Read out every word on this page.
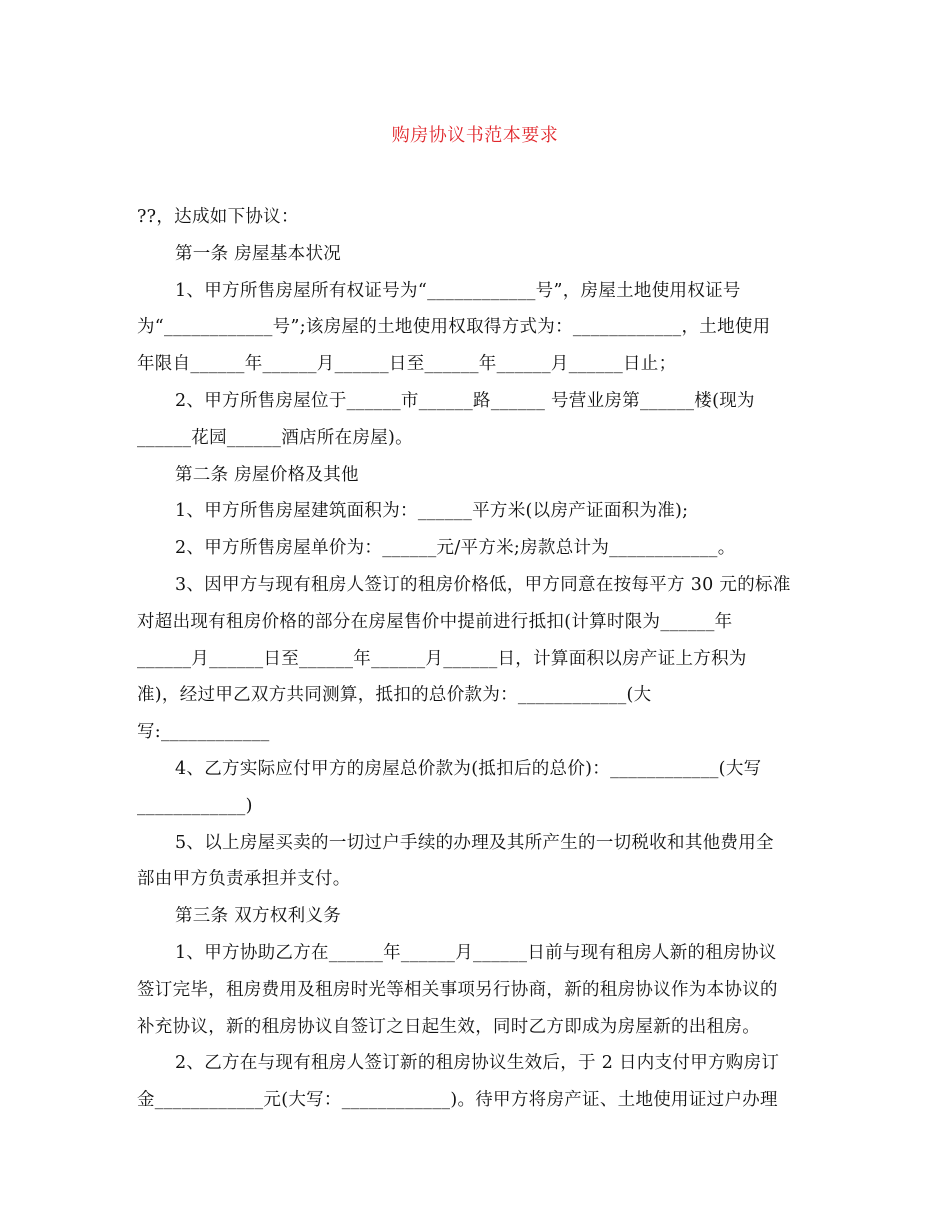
购房协议书范本要求
??，达成如下协议：
第一条 房屋基本状况
1、甲方所售房屋所有权证号为“____________号”，房屋土地使用权证号
为“____________号”;该房屋的土地使用权取得方式为：____________，土地使用
年限自______年______月______日至______年______月______日止；
2、甲方所售房屋位于______市______路______ 号营业房第______楼(现为
______花园______酒店所在房屋)。
第二条 房屋价格及其他
1、甲方所售房屋建筑面积为：______平方米(以房产证面积为准);
2、甲方所售房屋单价为：______元/平方米;房款总计为____________。
3、因甲方与现有租房人签订的租房价格低，甲方同意在按每平方 30 元的标准
对超出现有租房价格的部分在房屋售价中提前进行抵扣(计算时限为______年
______月______日至______年______月______日，计算面积以房产证上方积为
准)，经过甲乙双方共同测算，抵扣的总价款为：____________(大
写:____________
4、乙方实际应付甲方的房屋总价款为(抵扣后的总价)：____________(大写
____________)
5、以上房屋买卖的一切过户手续的办理及其所产生的一切税收和其他费用全
部由甲方负责承担并支付。
第三条 双方权利义务
1、甲方协助乙方在______年______月______日前与现有租房人新的租房协议
签订完毕，租房费用及租房时光等相关事项另行协商，新的租房协议作为本协议的
补充协议，新的租房协议自签订之日起生效，同时乙方即成为房屋新的出租房。
2、乙方在与现有租房人签订新的租房协议生效后，于 2 日内支付甲方购房订
金____________元(大写：____________)。待甲方将房产证、土地使用证过户办理
